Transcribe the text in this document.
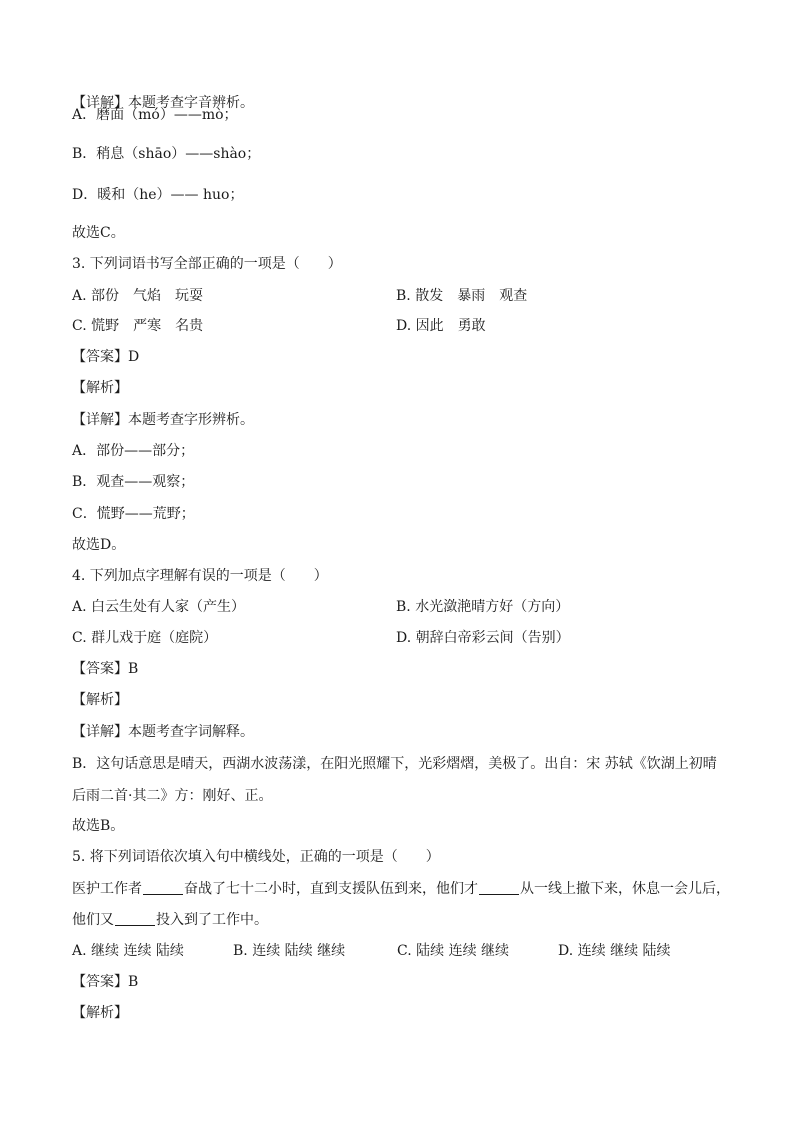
【详解】本题考查字音辨析。
A．磨面（mó）——mò；
B．稍息（shāo）——shào；
D．暖和（he）—— huo；
故选C。
3. 下列词语书写全部正确的一项是（　　）
A. 部份　气焰　玩耍	B. 散发　暴雨　观查
C. 慌野　严寒　名贵	D. 因此　勇敢
【答案】D
【解析】
【详解】本题考查字形辨析。
A．部份——部分；
B．观查——观察；
C．慌野——荒野；
故选D。
4. 下列加点字理解有误的一项是（　　）
A. 白云生处有人家（产生）	B. 水光潋滟晴方好（方向）
C. 群儿戏于庭（庭院）	D. 朝辞白帝彩云间（告别）
【答案】B
【解析】
【详解】本题考查字词解释。
B．这句话意思是晴天，西湖水波荡漾，在阳光照耀下，光彩熠熠，美极了。出自：宋 苏轼《饮湖上初晴
后雨二首·其二》方：刚好、正。
故选B。
5. 将下列词语依次填入句中横线处，正确的一项是（　　）
医护工作者	奋战了七十二小时，直到支援队伍到来，他们才	从一线上撤下来，休息一会儿后，
他们又	投入到了工作中。
A. 继续 连续 陆续	B. 连续 陆续 继续	C. 陆续 连续 继续	D. 连续 继续 陆续
【答案】B
【解析】
